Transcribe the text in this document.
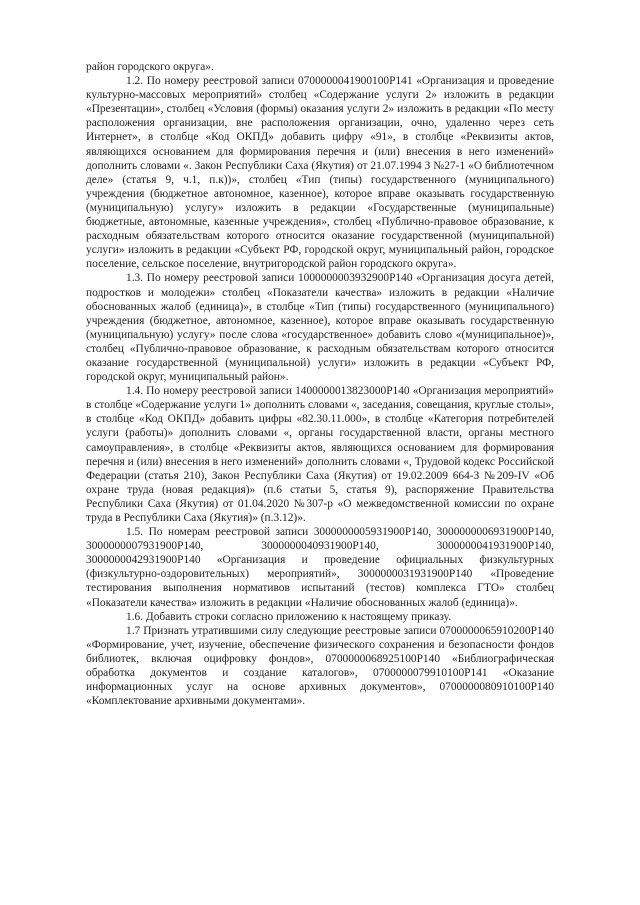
район городского округа».

1.2. По номеру реестровой записи 0700000041900100Р141 «Организация и проведение культурно-массовых мероприятий» столбец «Содержание услуги 2» изложить в редакции «Презентации», столбец «Условия (формы) оказания услуги 2» изложить в редакции «По месту расположения организации, вне расположения организации, очно, удаленно через сеть Интернет», в столбце «Код ОКПД» добавить цифру «91», в столбце «Реквизиты актов, являющихся основанием для формирования перечня и (или) внесения в него изменений» дополнить словами «. Закон Республики Саха (Якутия) от 21.07.1994 З №27-1 «О библиотечном деле» (статья 9, ч.1, п.к))», столбец «Тип (типы) государственного (муниципального) учреждения (бюджетное автономное, казенное), которое вправе оказывать государственную (муниципальную) услугу» изложить в редакции «Государственные (муниципальные) бюджетные, автономные, казенные учреждения», столбец «Публично-правовое образование, к расходным обязательствам которого относится оказание государственной (муниципальной) услуги» изложить в редакции «Субъект РФ, городской округ, муниципальный район, городское поселение, сельское поселение, внутригородской район городского округа».

1.3. По номеру реестровой записи 1000000003932900Р140 «Организация досуга детей, подростков и молодежи» столбец «Показатели качества» изложить в редакции «Наличие обоснованных жалоб (единица)», в столбце «Тип (типы) государственного (муниципального) учреждения (бюджетное, автономное, казенное), которое вправе оказывать государственную (муниципальную) услугу» после слова «государственное» добавить слово «(муниципальное)», столбец «Публично-правовое образование, к расходным обязательствам которого относится оказание государственной (муниципальной) услуги» изложить в редакции «Субъект РФ, городской округ, муниципальный район».

1.4. По номеру реестровой записи 1400000013823000Р140 «Организация мероприятий» в столбце «Содержание услуги 1» дополнить словами «, заседания, совещания, круглые столы», в столбце «Код ОКПД» добавить цифры «82.30.11.000», в столбце «Категория потребителей услуги (работы)» дополнить словами «, органы государственной власти, органы местного самоуправления», в столбце «Реквизиты актов, являющихся основанием для формирования перечня и (или) внесения в него изменений» дополнить словами «, Трудовой кодекс Российской Федерации (статья 210), Закон Республики Саха (Якутия) от 19.02.2009 664-З №209-IV «Об охране труда (новая редакция)» (п.6 статьи 5, статья 9), распоряжение Правительства Республики Саха (Якутия) от 01.04.2020 №307-р «О межведомственной комиссии по охране труда в Республики Саха (Якутия)» (п.3.12)».

1.5. По номерам реестровой записи 3000000005931900Р140, 3000000006931900Р140, 3000000007931900Р140, 3000000040931900Р140, 3000000041931900Р140, 3000000042931900Р140 «Организация и проведение официальных физкультурных (физкультурно-оздоровительных) мероприятий», 3000000031931900Р140 «Проведение тестирования выполнения нормативов испытаний (тестов) комплекса ГТО» столбец «Показатели качества» изложить в редакции «Наличие обоснованных жалоб (единица)».

1.6. Добавить строки согласно приложению к настоящему приказу.

1.7 Признать утратившими силу следующие реестровые записи 0700000065910200Р140 «Формирование, учет, изучение, обеспечение физического сохранения и безопасности фондов библиотек, включая оцифровку фондов», 0700000068925100Р140 «Библиографическая обработка документов и создание каталогов», 0700000079910100Р141 «Оказание информационных услуг на основе архивных документов», 0700000080910100Р140 «Комплектование архивными документами».
